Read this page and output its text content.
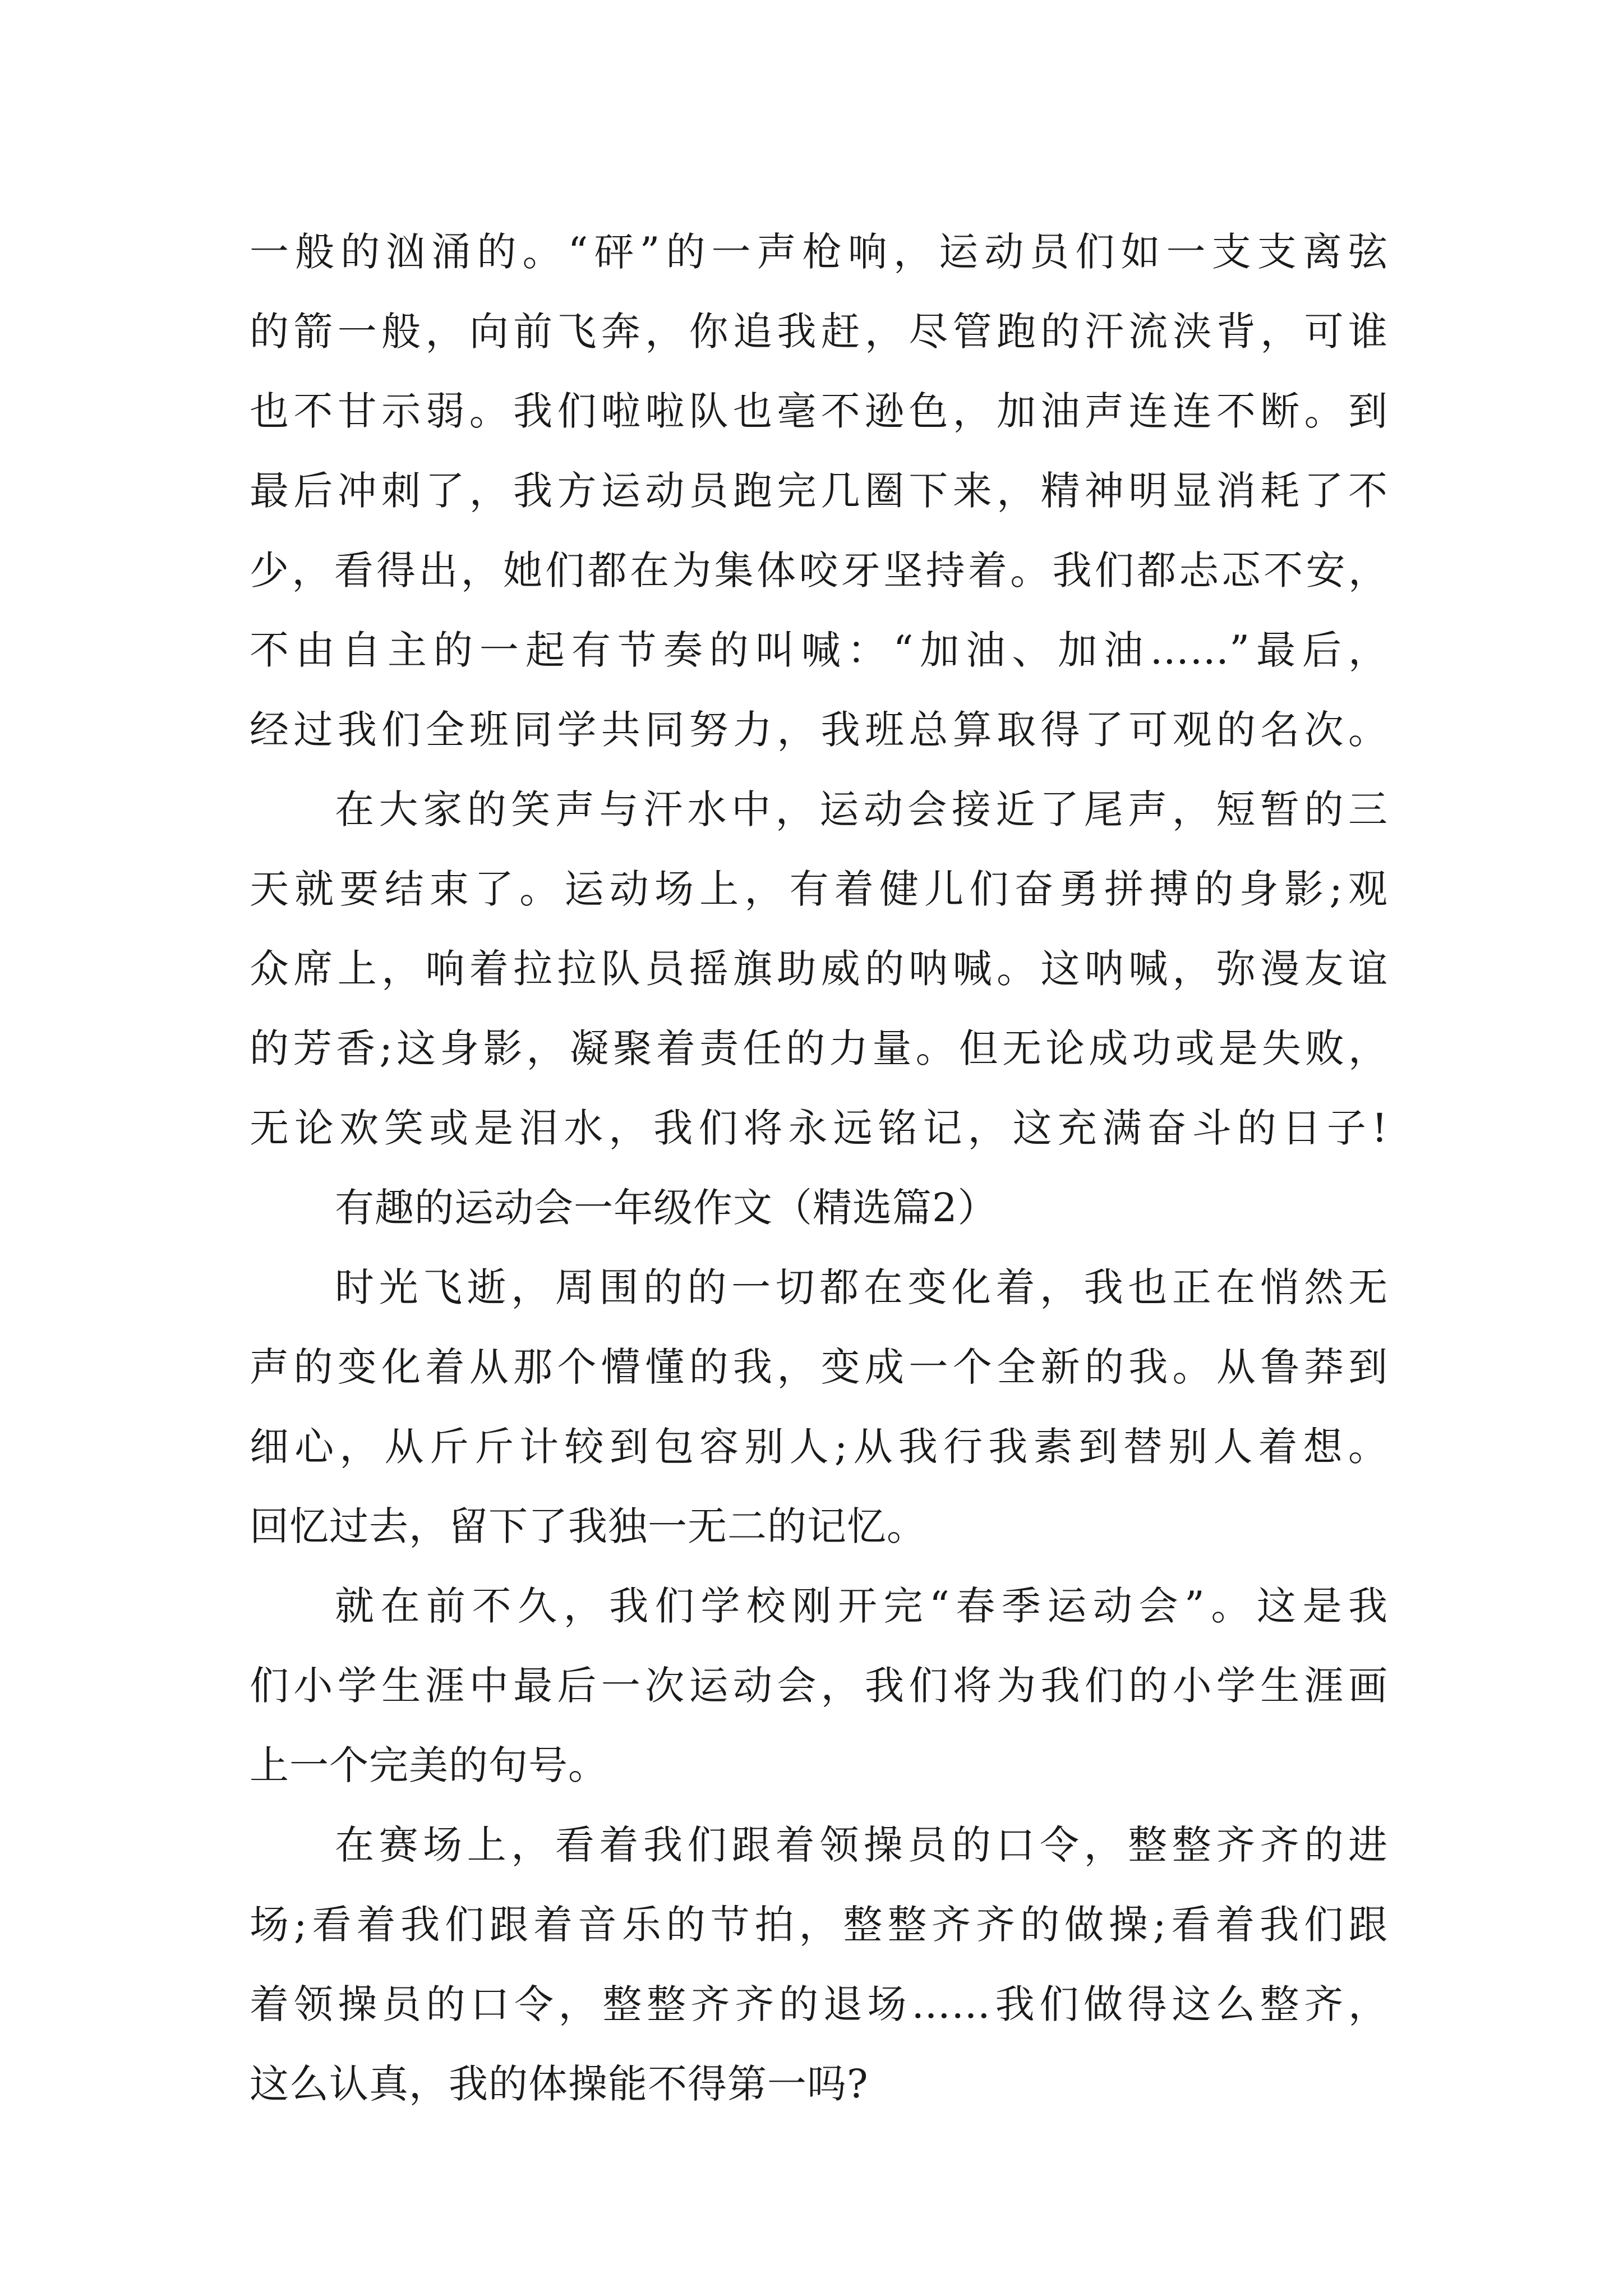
一般的汹涌的。“砰”的一声枪响，运动员们如一支支离弦
的箭一般，向前飞奔，你追我赶，尽管跑的汗流浃背，可谁
也不甘示弱。我们啦啦队也毫不逊色，加油声连连不断。到
最后冲刺了，我方运动员跑完几圈下来，精神明显消耗了不
少，看得出，她们都在为集体咬牙坚持着。我们都忐忑不安，
不由自主的一起有节奏的叫喊：“加油、加油……”最后，
经过我们全班同学共同努力，我班总算取得了可观的名次。
在大家的笑声与汗水中，运动会接近了尾声，短暂的三
天就要结束了。运动场上，有着健儿们奋勇拼搏的身影;观
众席上，响着拉拉队员摇旗助威的呐喊。这呐喊，弥漫友谊
的芳香;这身影，凝聚着责任的力量。但无论成功或是失败，
无论欢笑或是泪水，我们将永远铭记，这充满奋斗的日子!
有趣的运动会一年级作文（精选篇2）
时光飞逝，周围的的一切都在变化着，我也正在悄然无
声的变化着从那个懵懂的我，变成一个全新的我。从鲁莽到
细心，从斤斤计较到包容别人;从我行我素到替别人着想。
回忆过去，留下了我独一无二的记忆。
就在前不久，我们学校刚开完“春季运动会”。这是我
们小学生涯中最后一次运动会，我们将为我们的小学生涯画
上一个完美的句号。
在赛场上，看着我们跟着领操员的口令，整整齐齐的进
场;看着我们跟着音乐的节拍，整整齐齐的做操;看着我们跟
着领操员的口令，整整齐齐的退场……我们做得这么整齐，
这么认真，我的体操能不得第一吗?
